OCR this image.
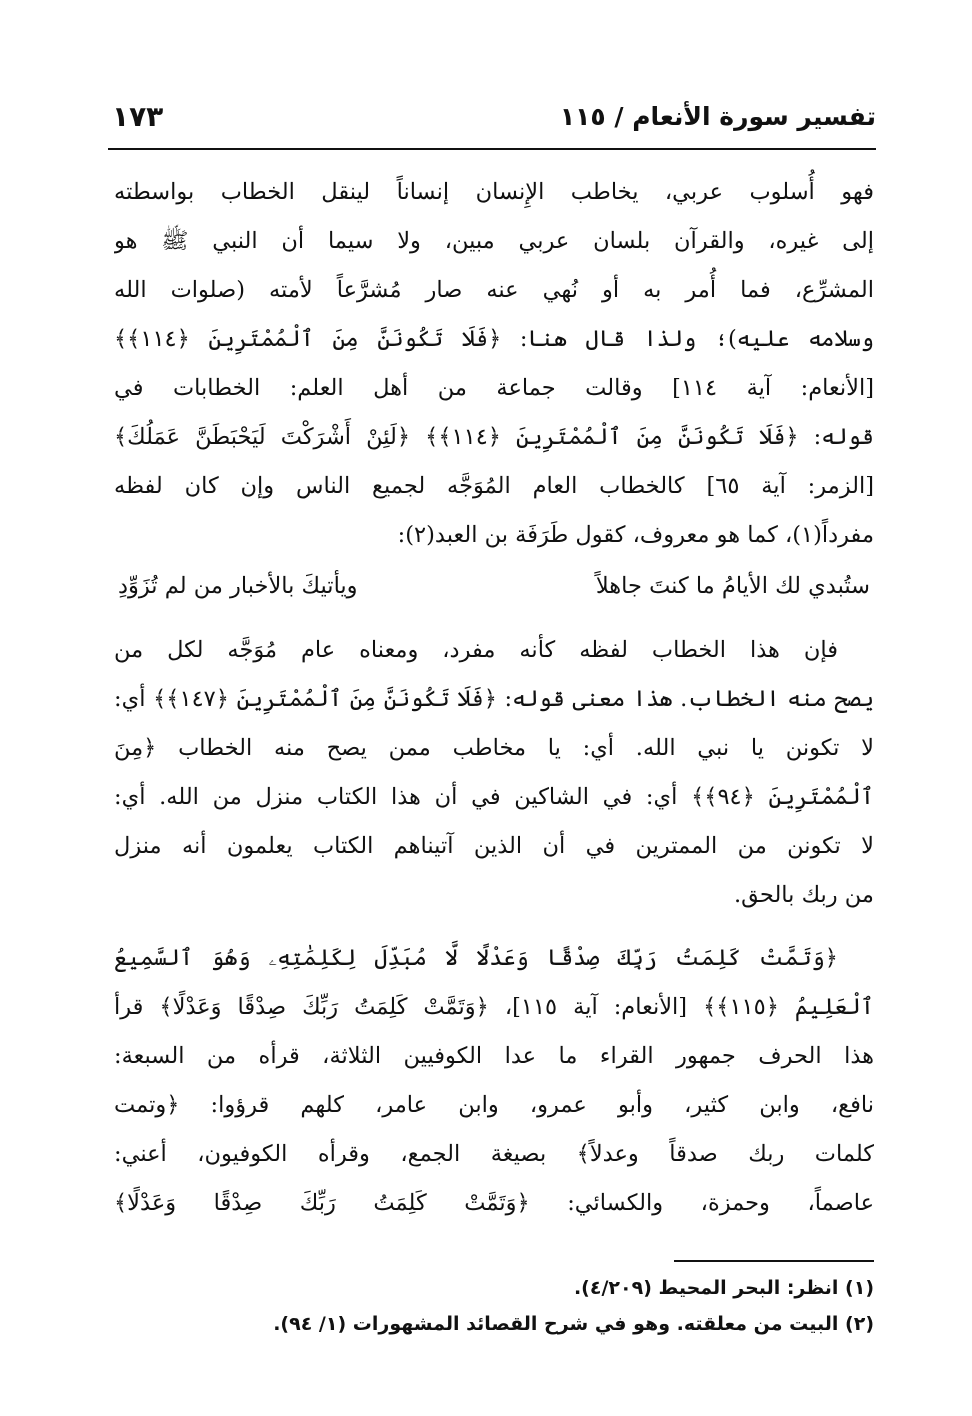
تفسير سورة الأنعام / ١١٥
١٧٣
فهو أُسلوب عربي، يخاطب الإِنسان إنساناً لينقل الخطاب بواسطته
إلى غيره، والقرآن بلسان عربي مبين، ولا سيما أن النبي ﷺ هو
المشرِّع، فما أُمر به أو نُهي عنه صار مُشرَّعاً لأمته (صلوات الله
وسلامه عليه)؛ ولذا قال هنا: ﴿فَلَا تَكُونَنَّ مِنَ ٱلْمُمْتَرِينَ ﴿١١٤﴾﴾
[الأنعام: آية ١١٤] وقالت جماعة من أهل العلم: الخطابات في
قوله: ﴿فَلَا تَكُونَنَّ مِنَ ٱلْمُمْتَرِينَ ﴿١١٤﴾﴾ ﴿لَئِنْ أَشْرَكْتَ لَيَحْبَطَنَّ عَمَلُكَ﴾
[الزمر: آية ٦٥] كالخطاب العام المُوَجَّه لجميع الناس وإن كان لفظه
مفرداً(١)، كما هو معروف، كقول طَرَفَة بن العبد(٢):
ستُبدي لك الأيامُ ما كنتَ جاهلاً
ويأتيكَ بالأخبار من لم تُزَوِّدِ
فإن هذا الخطاب لفظه كأنه مفرد، ومعناه عام مُوَجَّه لكل من
يصح منه الخطاب. هذا معنى قوله: ﴿فَلَا تَكُونَنَّ مِنَ ٱلْمُمْتَرِينَ ﴿١٤٧﴾﴾ أي:
لا تكونن يا نبي الله. أي: يا مخاطب ممن يصح منه الخطاب ﴿مِنَ
ٱلْمُمْتَرِينَ ﴿٩٤﴾﴾ أي: في الشاكين في أن هذا الكتاب منزل من الله. أي:
لا تكونن من الممترين في أن الذين آتيناهم الكتاب يعلمون أنه منزل
من ربك بالحق.
﴿وَتَمَّتْ كَلِمَتُ رَبِّكَ صِدْقًا وَعَدْلًا لَّا مُبَدِّلَ لِكَلِمَٰتِهِۦ وَهُوَ ٱلسَّمِيعُ
ٱلْعَلِيمُ ﴿١١٥﴾﴾ [الأنعام: آية ١١٥]، ﴿وَتَمَّتْ كَلِمَتُ رَبِّكَ صِدْقًا وَعَدْلًا﴾ قرأ
هذا الحرف جمهور القراء ما عدا الكوفيين الثلاثة، قرأه من السبعة:
نافع، وابن كثير، وأبو عمرو، وابن عامر، كلهم قرؤوا: ﴿وتمت
كلمات ربك صدقاً وعدلاً﴾ بصيغة الجمع، وقرأه الكوفيون، أعني:
عاصماً، وحمزة، والكسائي: ﴿وَتَمَّتْ كَلِمَتُ رَبِّكَ صِدْقًا وَعَدْلًا﴾
(١) انظر: البحر المحيط (٤/٢٠٩).
(٢) البيت من معلقته. وهو في شرح القصائد المشهورات (١/ ٩٤).
